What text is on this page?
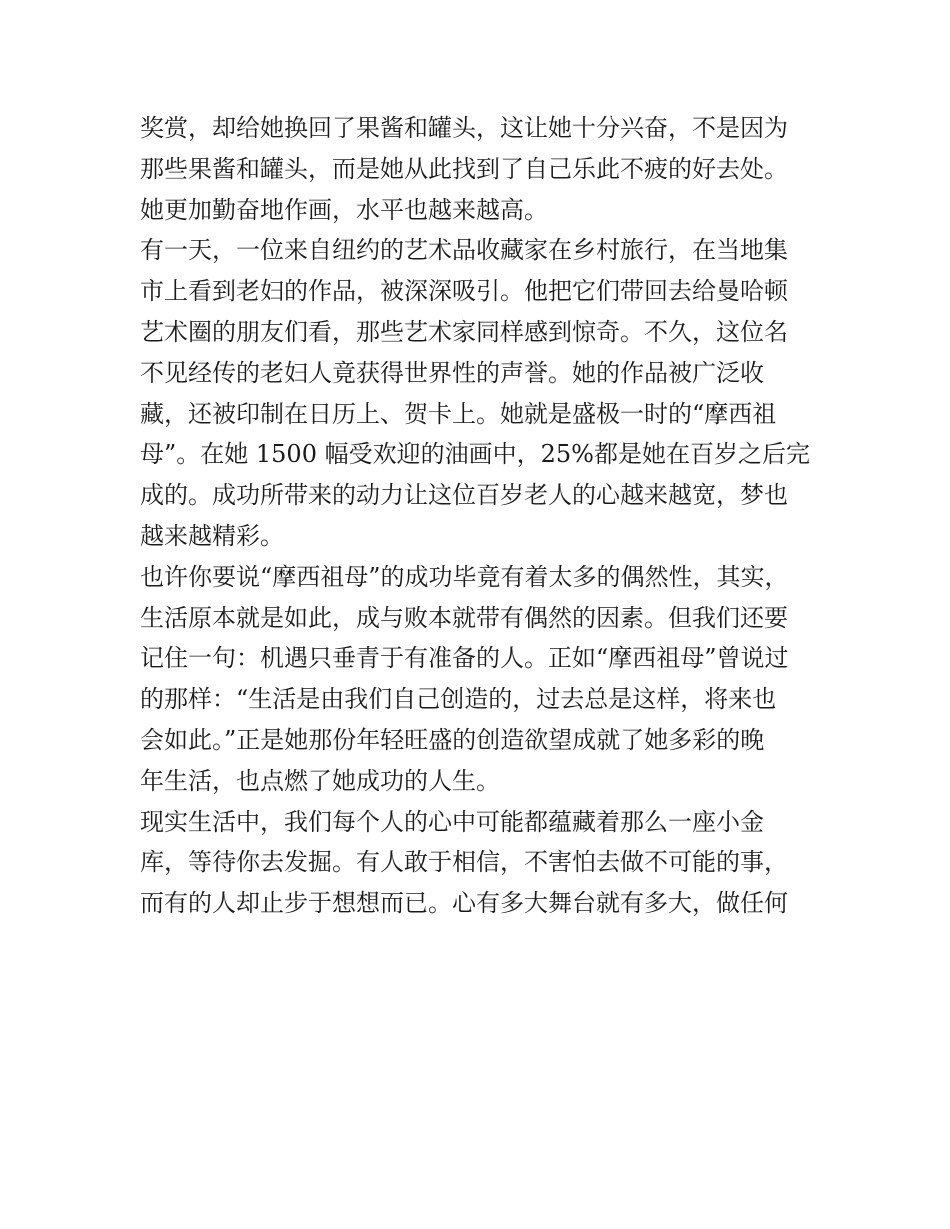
奖赏，却给她换回了果酱和罐头，这让她十分兴奋，不是因为
那些果酱和罐头，而是她从此找到了自己乐此不疲的好去处。
她更加勤奋地作画，水平也越来越高。
有一天，一位来自纽约的艺术品收藏家在乡村旅行，在当地集
市上看到老妇的作品，被深深吸引。他把它们带回去给曼哈顿
艺术圈的朋友们看，那些艺术家同样感到惊奇。不久，这位名
不见经传的老妇人竟获得世界性的声誉。她的作品被广泛收
藏，还被印制在日历上、贺卡上。她就是盛极一时的“摩西祖
母”。在她 1500 幅受欢迎的油画中，25%都是她在百岁之后完
成的。成功所带来的动力让这位百岁老人的心越来越宽，梦也
越来越精彩。
也许你要说“摩西祖母”的成功毕竟有着太多的偶然性，其实，
生活原本就是如此，成与败本就带有偶然的因素。但我们还要
记住一句：机遇只垂青于有准备的人。正如“摩西祖母”曾说过
的那样：“生活是由我们自己创造的，过去总是这样，将来也
会如此。”正是她那份年轻旺盛的创造欲望成就了她多彩的晚
年生活，也点燃了她成功的人生。
现实生活中，我们每个人的心中可能都蕴藏着那么一座小金
库，等待你去发掘。有人敢于相信，不害怕去做不可能的事，
而有的人却止步于想想而已。心有多大舞台就有多大，做任何
